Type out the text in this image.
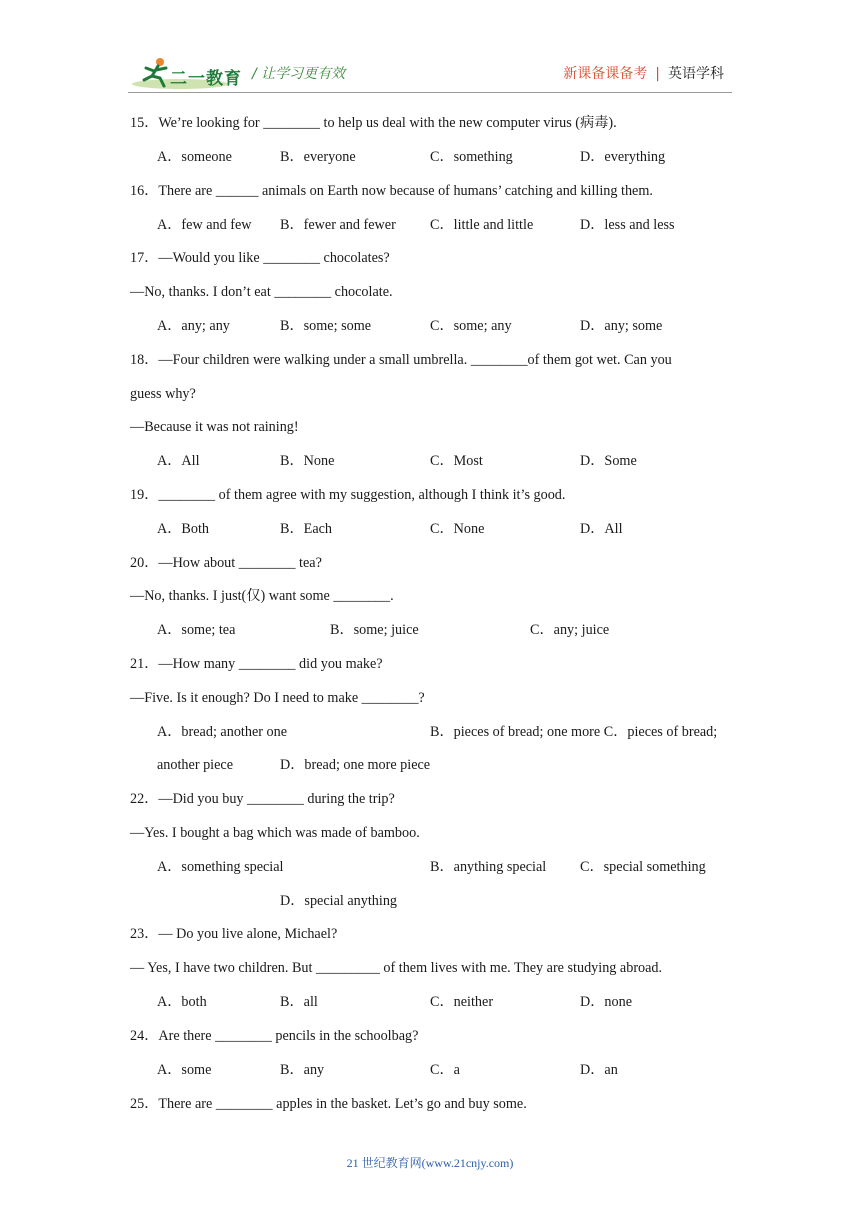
二一教育 / 让学习更有效	新课备课备考 | 英语学科
15．We’re looking for ________ to help us deal with the new computer virus (病毒).
A．someone	B．everyone	C．something	D．everything
16．There are ______ animals on Earth now because of humans’ catching and killing them.
A．few and few B．fewer and fewer C．little and little	D．less and less
17．—Would you like ________ chocolates?
—No, thanks. I don’t eat ________ chocolate.
A．any; any	B．some; some	C．some; any	D．any; some
18．—Four children were walking under a small umbrella. ________of them got wet. Can you
guess why?
—Because it was not raining!
A．All	B．None	C．Most	D．Some
19．________ of them agree with my suggestion, although I think it’s good.
A．Both	B．Each	C．None	D．All
20．—How about ________ tea?
—No, thanks. I just(仅) want some ________.
A．some; tea	B．some; juice	C．any; juice
21．—How many ________ did you make?
—Five. Is it enough? Do I need to make ________?
A．bread; another one	B．pieces of bread; one more C．pieces of bread;
another piece	D．bread; one more piece
22．—Did you buy ________ during the trip?
—Yes. I bought a bag which was made of bamboo.
A．something special	B．anything special C．special something
D．special anything
23．— Do you live alone, Michael?
— Yes, I have two children. But _________ of them lives with me. They are studying abroad.
A．both	B．all	C．neither	D．none
24．Are there ________ pencils in the schoolbag?
A．some	B．any	C．a	D．an
25．There are ________ apples in the basket. Let’s go and buy some.
21 世纪教育网(www.21cnjy.com)
